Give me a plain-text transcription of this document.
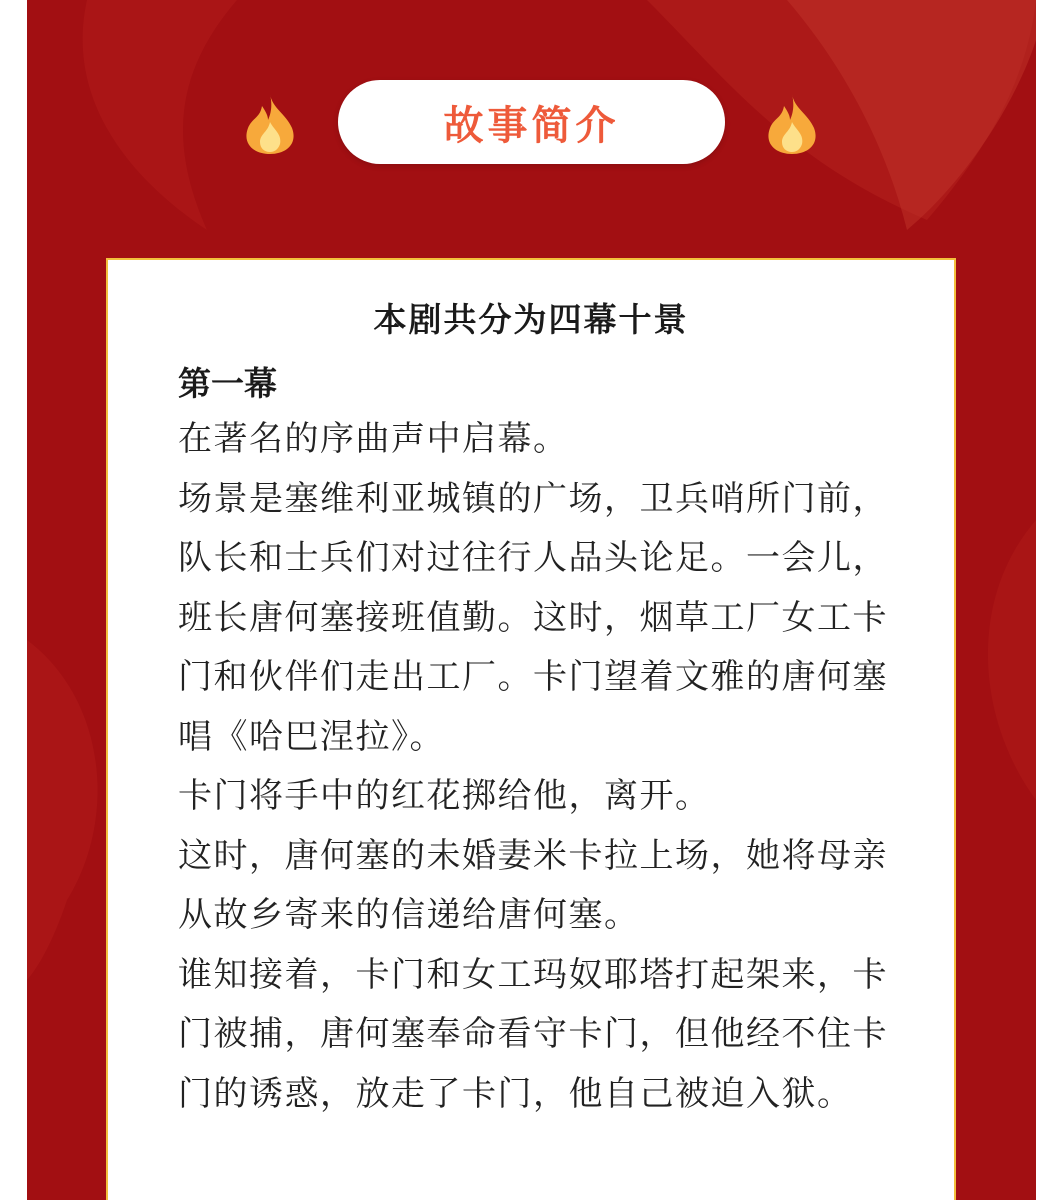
故事简介
本剧共分为四幕十景
第一幕

在著名的序曲声中启幕。

场景是塞维利亚城镇的广场，卫兵哨所门前，队长和士兵们对过往行人品头论足。一会儿，班长唐何塞接班值勤。这时，烟草工厂女工卡门和伙伴们走出工厂。卡门望着文雅的唐何塞唱《哈巴涅拉》。

卡门将手中的红花掷给他，离开。

这时，唐何塞的未婚妻米卡拉上场，她将母亲从故乡寄来的信递给唐何塞。

谁知接着，卡门和女工玛奴耶塔打起架来，卡门被捕，唐何塞奉命看守卡门，但他经不住卡门的诱惑，放走了卡门，他自己被迫入狱。
